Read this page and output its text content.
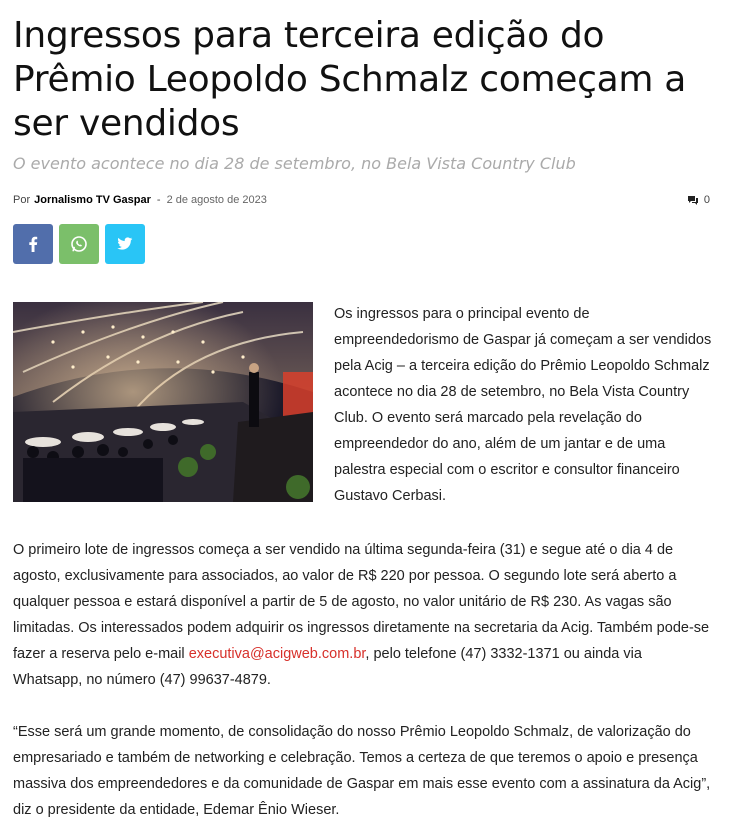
Ingressos para terceira edição do Prêmio Leopoldo Schmalz começam a ser vendidos

O evento acontece no dia 28 de setembro, no Bela Vista Country Club

Por Jornalismo TV Gaspar - 2 de agosto de 2023	0

Os ingressos para o principal evento de empreendedorismo de Gaspar já começam a ser vendidos pela Acig – a terceira edição do Prêmio Leopoldo Schmalz acontece no dia 28 de setembro, no Bela Vista Country Club. O evento será marcado pela revelação do empreendedor do ano, além de um jantar e de uma palestra especial com o escritor e consultor financeiro Gustavo Cerbasi.

O primeiro lote de ingressos começa a ser vendido na última segunda-feira (31) e segue até o dia 4 de agosto, exclusivamente para associados, ao valor de R$ 220 por pessoa. O segundo lote será aberto a qualquer pessoa e estará disponível a partir de 5 de agosto, no valor unitário de R$ 230. As vagas são limitadas. Os interessados podem adquirir os ingressos diretamente na secretaria da Acig. Também pode-se fazer a reserva pelo e-mail executiva@acigweb.com.br, pelo telefone (47) 3332-1371 ou ainda via Whatsapp, no número (47) 99637-4879.

“Esse será um grande momento, de consolidação do nosso Prêmio Leopoldo Schmalz, de valorização do empresariado e também de networking e celebração. Temos a certeza de que teremos o apoio e presença massiva dos empreendedores e da comunidade de Gaspar em mais esse evento com a assinatura da Acig”, diz o presidente da entidade, Edemar Ênio Wieser.
